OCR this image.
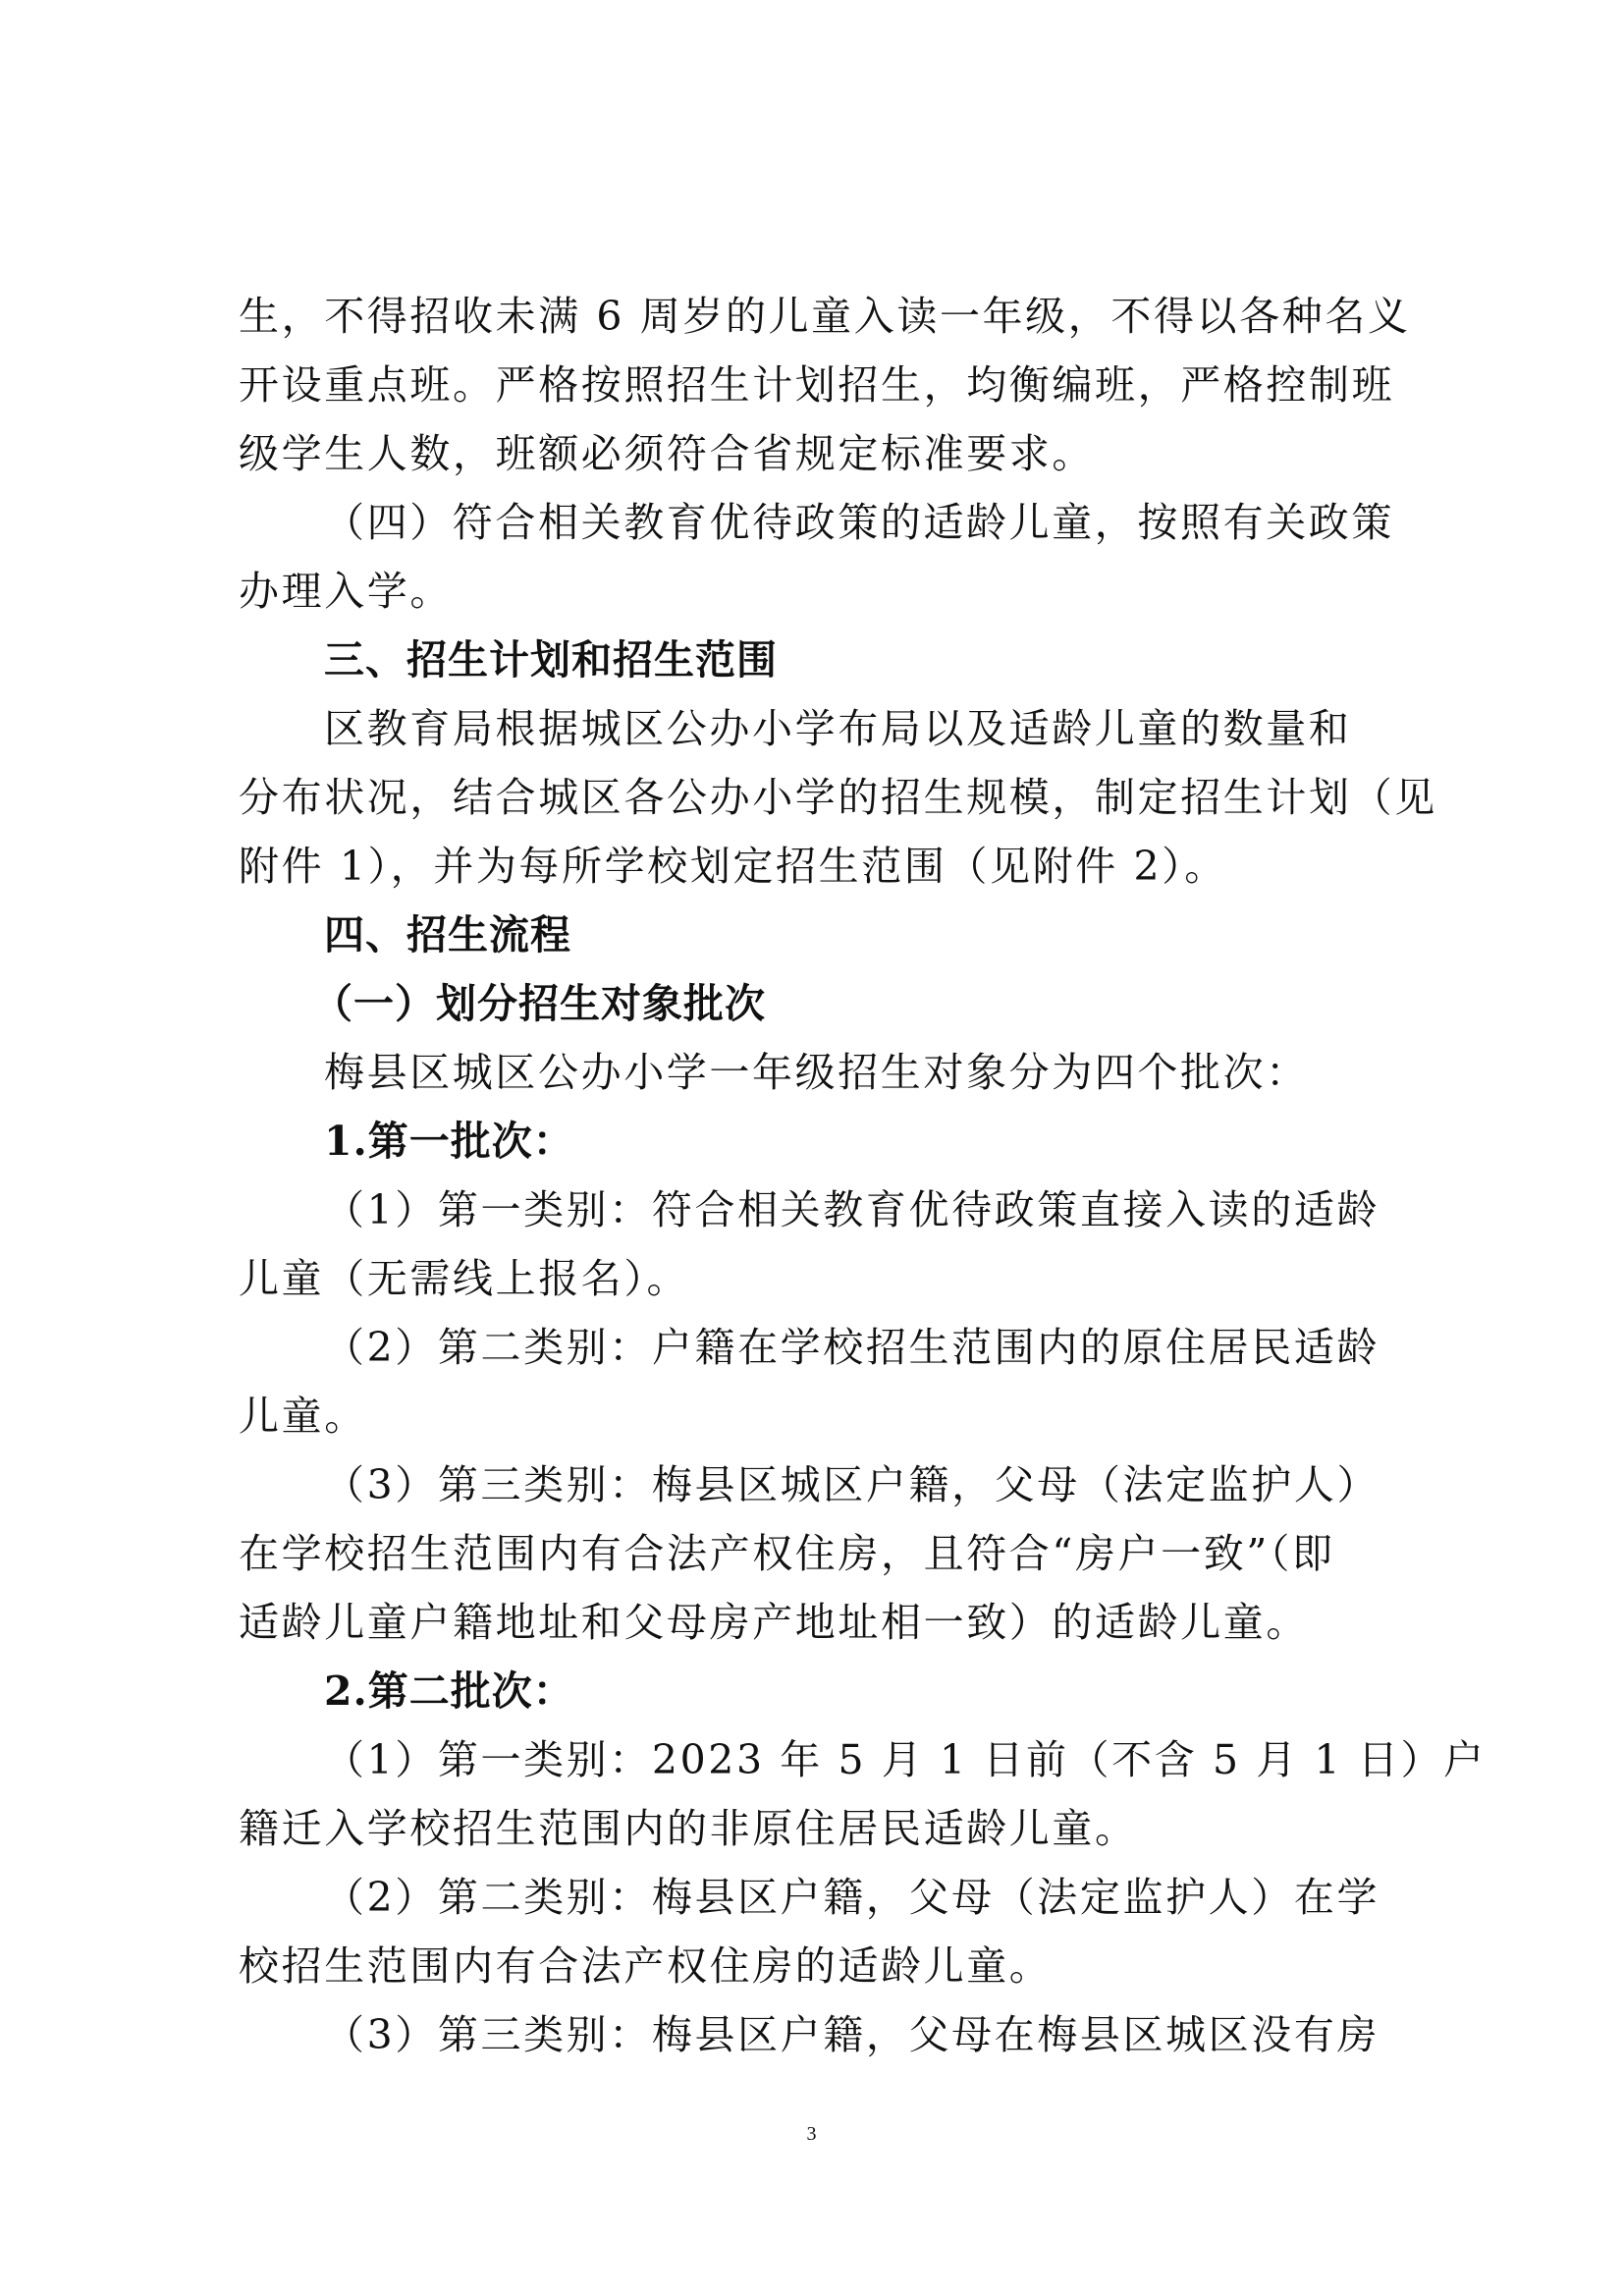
生，不得招收未满 6 周岁的儿童入读一年级，不得以各种名义
开设重点班。严格按照招生计划招生，均衡编班，严格控制班
级学生人数，班额必须符合省规定标准要求。
（四）符合相关教育优待政策的适龄儿童，按照有关政策
办理入学。
三、招生计划和招生范围
区教育局根据城区公办小学布局以及适龄儿童的数量和
分布状况，结合城区各公办小学的招生规模，制定招生计划（见
附件 1），并为每所学校划定招生范围（见附件 2）。
四、招生流程
（一）划分招生对象批次
梅县区城区公办小学一年级招生对象分为四个批次：
1.第一批次：
（1）第一类别：符合相关教育优待政策直接入读的适龄
儿童（无需线上报名）。
（2）第二类别：户籍在学校招生范围内的原住居民适龄
儿童。
（3）第三类别：梅县区城区户籍，父母（法定监护人）
在学校招生范围内有合法产权住房，且符合“房户一致”（即
适龄儿童户籍地址和父母房产地址相一致）的适龄儿童。
2.第二批次：
（1）第一类别：2023 年 5 月 1 日前（不含 5 月 1 日）户
籍迁入学校招生范围内的非原住居民适龄儿童。
（2）第二类别：梅县区户籍，父母（法定监护人）在学
校招生范围内有合法产权住房的适龄儿童。
（3）第三类别：梅县区户籍，父母在梅县区城区没有房
3
